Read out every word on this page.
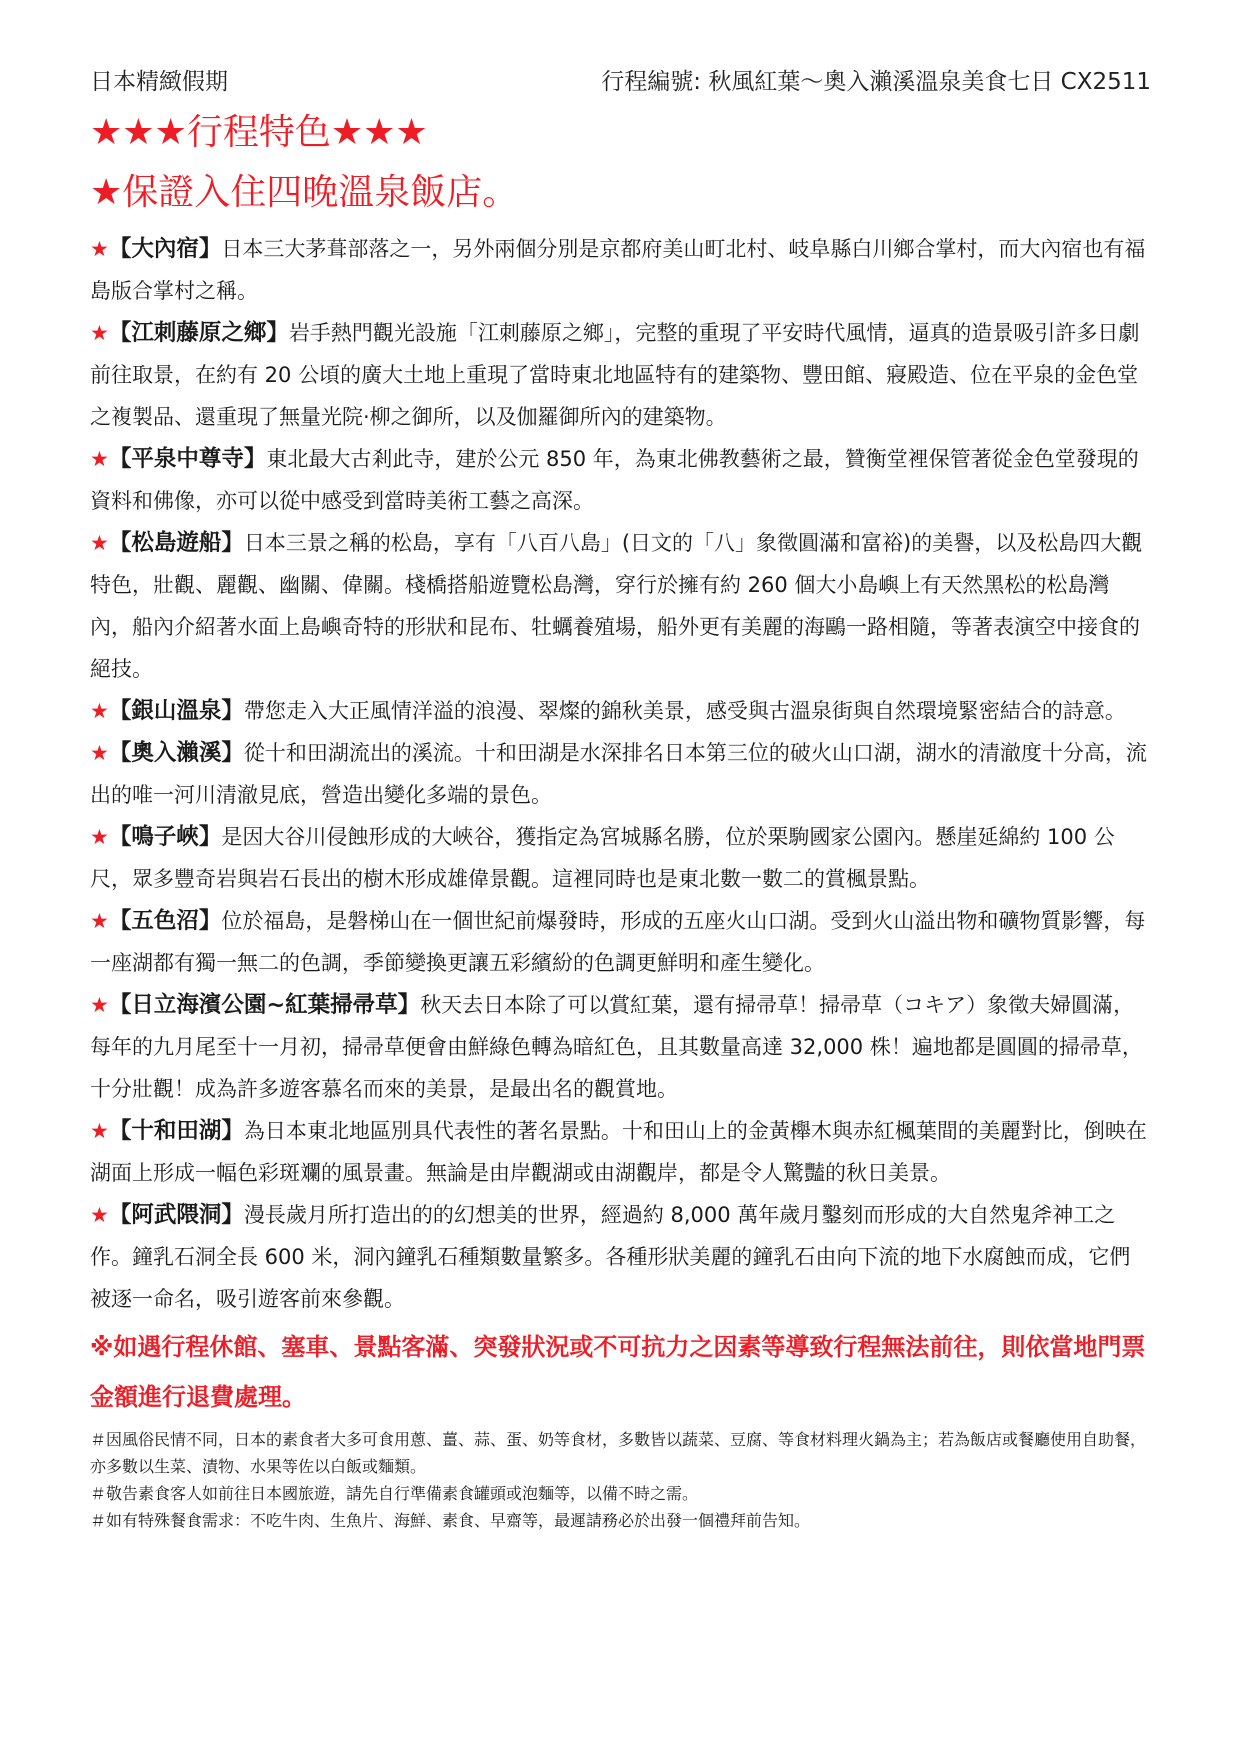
日本精緻假期	行程編號: 秋風紅葉～奧入瀨溪溫泉美食七日 CX2511
★★★行程特色★★★
★保證入住四晚溫泉飯店。

★【大內宿】日本三大茅葺部落之一，另外兩個分別是京都府美山町北村、岐阜縣白川鄉合掌村，而大內宿也有福島版合掌村之稱。

★【江刺藤原之鄉】岩手熱門觀光設施「江刺藤原之鄉」，完整的重現了平安時代風情，逼真的造景吸引許多日劇前往取景，在約有 20 公頃的廣大土地上重現了當時東北地區特有的建築物、豐田館、寢殿造、位在平泉的金色堂之複製品、還重現了無量光院·柳之御所，以及伽羅御所內的建築物。

★【平泉中尊寺】東北最大古剎此寺，建於公元 850 年，為東北佛教藝術之最，贊衡堂裡保管著從金色堂發現的資料和佛像，亦可以從中感受到當時美術工藝之高深。

★【松島遊船】日本三景之稱的松島，享有「八百八島」(日文的「八」象徵圓滿和富裕)的美譽，以及松島四大觀特色，壯觀、麗觀、幽關、偉關。棧橋搭船遊覽松島灣，穿行於擁有約 260 個大小島嶼上有天然黑松的松島灣內，船內介紹著水面上島嶼奇特的形狀和昆布、牡蠣養殖場，船外更有美麗的海鷗一路相隨，等著表演空中接食的絕技。

★【銀山溫泉】帶您走入大正風情洋溢的浪漫、翠燦的錦秋美景，感受與古溫泉街與自然環境緊密結合的詩意。

★【奧入瀨溪】從十和田湖流出的溪流。十和田湖是水深排名日本第三位的破火山口湖，湖水的清澈度十分高，流出的唯一河川清澈見底，營造出變化多端的景色。

★【鳴子峽】是因大谷川侵蝕形成的大峽谷，獲指定為宮城縣名勝，位於栗駒國家公園內。懸崖延綿約 100 公尺，眾多豐奇岩與岩石長出的樹木形成雄偉景觀。這裡同時也是東北數一數二的賞楓景點。

★【五色沼】位於福島，是磐梯山在一個世紀前爆發時，形成的五座火山口湖。受到火山溢出物和礦物質影響，每一座湖都有獨一無二的色調，季節變換更讓五彩繽紛的色調更鮮明和產生變化。

★【日立海濱公園~紅葉掃帚草】秋天去日本除了可以賞紅葉，還有掃帚草！掃帚草（コキア）象徵夫婦圓滿，每年的九月尾至十一月初，掃帚草便會由鮮綠色轉為暗紅色，且其數量高達 32,000 株！遍地都是圓圓的掃帚草，十分壯觀！成為許多遊客慕名而來的美景，是最出名的觀賞地。

★【十和田湖】為日本東北地區別具代表性的著名景點。十和田山上的金黃櫸木與赤紅楓葉間的美麗對比，倒映在湖面上形成一幅色彩斑斕的風景畫。無論是由岸觀湖或由湖觀岸，都是令人驚豔的秋日美景。

★【阿武隈洞】漫長歲月所打造出的的幻想美的世界，經過約 8,000 萬年歲月鑿刻而形成的大自然鬼斧神工之作。鐘乳石洞全長 600 米，洞內鐘乳石種類數量繁多。各種形狀美麗的鐘乳石由向下流的地下水腐蝕而成，它們被逐一命名，吸引遊客前來參觀。

※如遇行程休館、塞車、景點客滿、突發狀況或不可抗力之因素等導致行程無法前往，則依當地門票金額進行退費處理。

＃因風俗民情不同，日本的素食者大多可食用蔥、薑、蒜、蛋、奶等食材，多數皆以蔬菜、豆腐、等食材料理火鍋為主；若為飯店或餐廳使用自助餐，亦多數以生菜、漬物、水果等佐以白飯或麵類。

＃敬告素食客人如前往日本國旅遊，請先自行準備素食罐頭或泡麵等，以備不時之需。

＃如有特殊餐食需求：不吃牛肉、生魚片、海鮮、素食、早齋等，最遲請務必於出發一個禮拜前告知。
